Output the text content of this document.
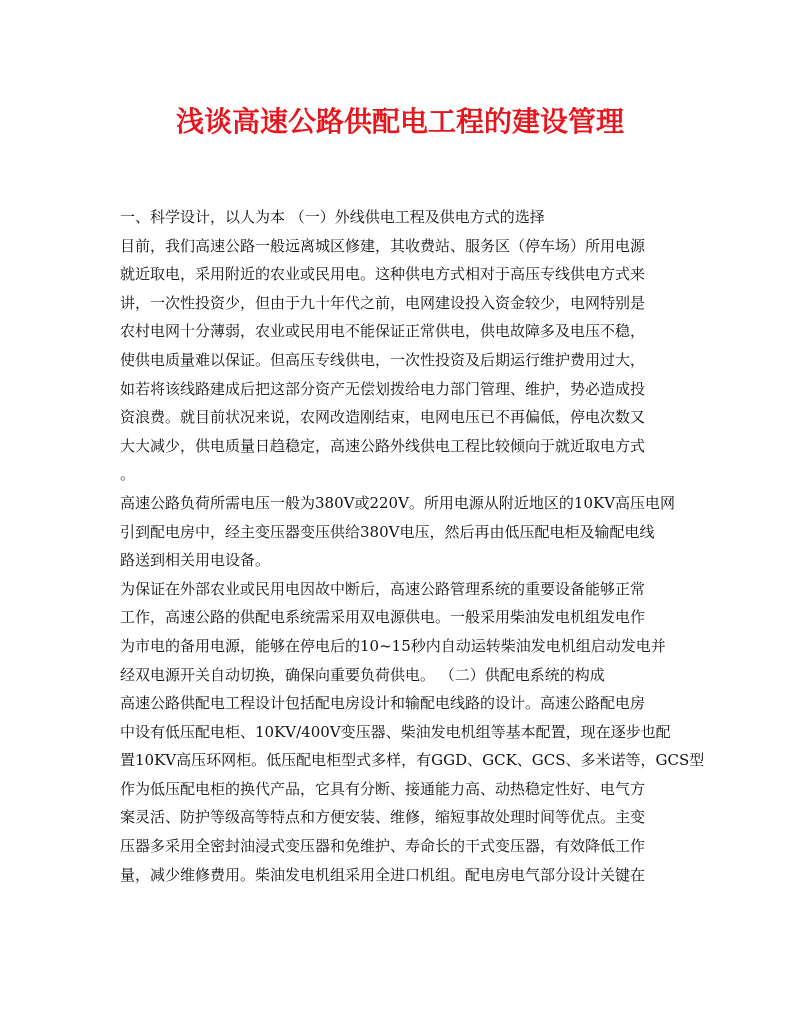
浅谈高速公路供配电工程的建设管理
一、科学设计，以人为本 （一）外线供电工程及供电方式的选择
目前，我们高速公路一般远离城区修建，其收费站、服务区（停车场）所用电源
就近取电，采用附近的农业或民用电。这种供电方式相对于高压专线供电方式来
讲，一次性投资少，但由于九十年代之前，电网建设投入资金较少，电网特别是
农村电网十分薄弱，农业或民用电不能保证正常供电，供电故障多及电压不稳，
使供电质量难以保证。但高压专线供电，一次性投资及后期运行维护费用过大，
如若将该线路建成后把这部分资产无偿划拨给电力部门管理、维护，势必造成投
资浪费。就目前状况来说，农网改造刚结束，电网电压已不再偏低，停电次数又
大大减少，供电质量日趋稳定，高速公路外线供电工程比较倾向于就近取电方式
。
高速公路负荷所需电压一般为380V或220V。所用电源从附近地区的10KV高压电网
引到配电房中，经主变压器变压供给380V电压，然后再由低压配电柜及输配电线
路送到相关用电设备。
为保证在外部农业或民用电因故中断后，高速公路管理系统的重要设备能够正常
工作，高速公路的供配电系统需采用双电源供电。一般采用柴油发电机组发电作
为市电的备用电源，能够在停电后的10~15秒内自动运转柴油发电机组启动发电并
经双电源开关自动切换，确保向重要负荷供电。 （二）供配电系统的构成
高速公路供配电工程设计包括配电房设计和输配电线路的设计。高速公路配电房
中设有低压配电柜、10KV/400V变压器、柴油发电机组等基本配置，现在逐步也配
置10KV高压环网柜。低压配电柜型式多样，有GGD、GCK、GCS、多米诺等，GCS型
作为低压配电柜的换代产品，它具有分断、接通能力高、动热稳定性好、电气方
案灵活、防护等级高等特点和方便安装、维修，缩短事故处理时间等优点。主变
压器多采用全密封油浸式变压器和免维护、寿命长的干式变压器，有效降低工作
量，减少维修费用。柴油发电机组采用全进口机组。配电房电气部分设计关键在
